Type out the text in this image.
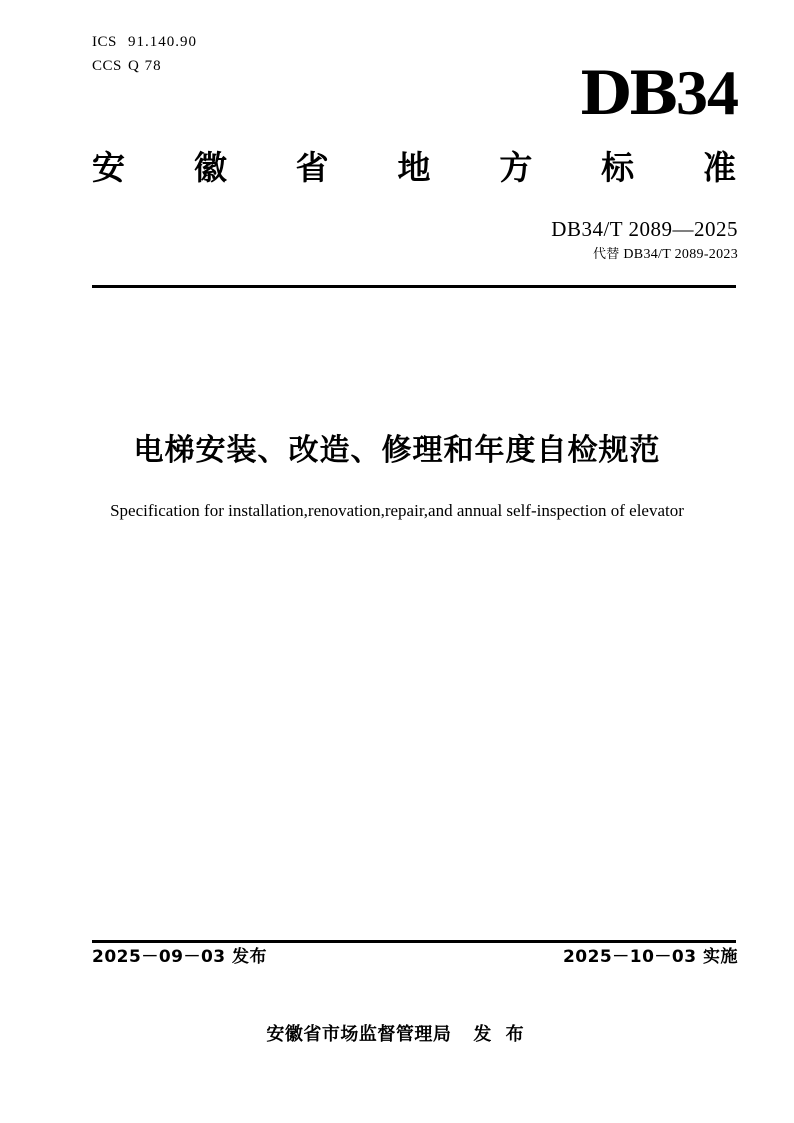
ICS 91.140.90
CCS Q 78	DB34
安 徽 省 地 方 标 准
DB34/T 2089—2025
代替 DB34/T 2089-2023
电梯安装、改造、修理和年度自检规范
Specification for installation,renovation,repair,and annual self-inspection of elevator
2025－09－03 发布	2025－10－03 实施
安徽省市场监督管理局 发 布
